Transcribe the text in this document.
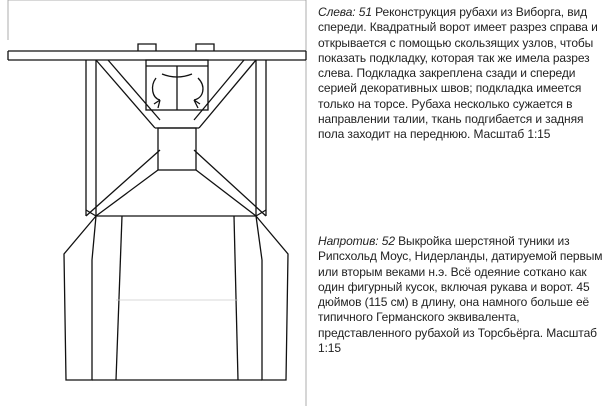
Слева: 51 Реконструкция рубахи из Виборга, вид спереди. Квадратный ворот имеет разрез справа и открывается с помощью скользящих узлов, чтобы показать подкладку, которая так же имела разрез слева. Подкладка закреплена сзади и спереди серией декоративных швов; подкладка имеется только на торсе. Рубаха несколько сужается в направлении талии, ткань подгибается и задняя пола заходит на переднюю. Масштаб 1:15

Напротив: 52 Выкройка шерстяной туники из Рипсхольд Моус, Нидерланды, датируемой первым или вторым веками н.э. Всё одеяние соткано как один фигурный кусок, включая рукава и ворот. 45 дюймов (115 см) в длину, она намного больше её типичного Германского эквивалента, представленного рубахой из Торсбьёрга. Масштаб 1:15
